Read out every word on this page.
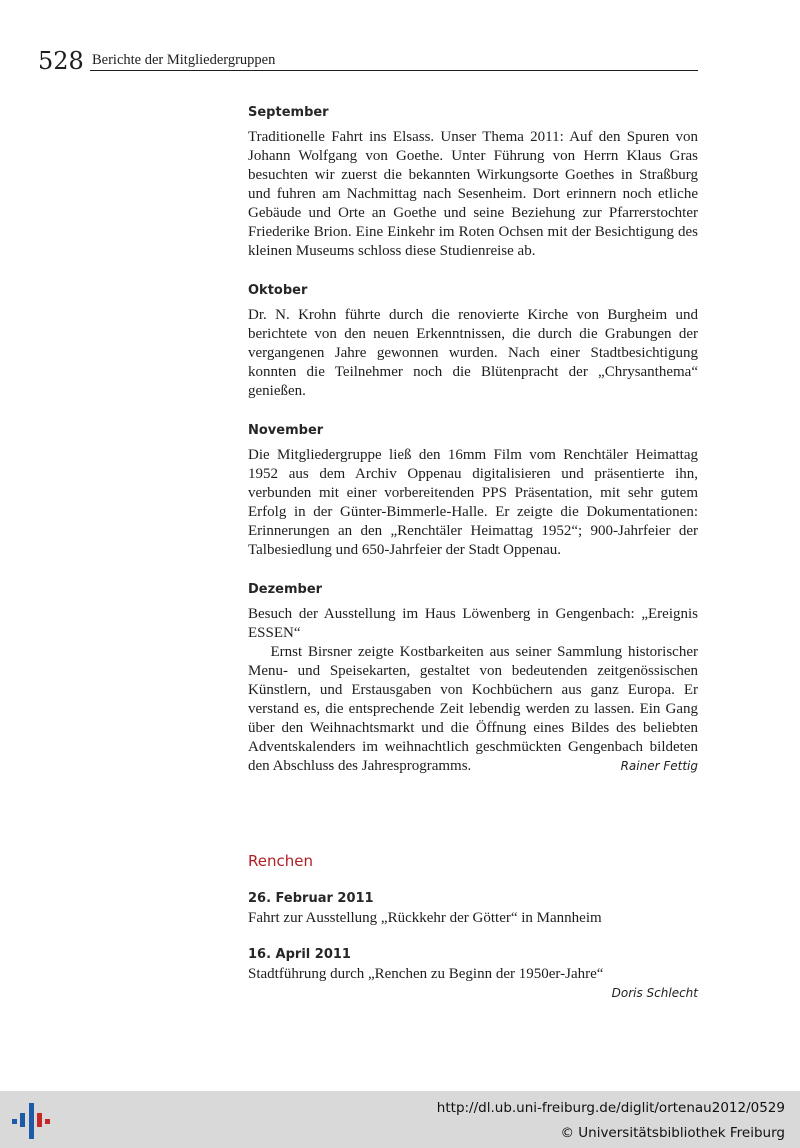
528 Berichte der Mitgliedergruppen
September
Traditionelle Fahrt ins Elsass. Unser Thema 2011: Auf den Spuren von Johann Wolfgang von Goethe. Unter Führung von Herrn Klaus Gras besuchten wir zuerst die bekannten Wirkungsorte Goethes in Straßburg und fuhren am Nachmittag nach Sesenheim. Dort erinnern noch etliche Gebäude und Orte an Goethe und seine Beziehung zur Pfarrerstochter Friederike Brion. Eine Einkehr im Roten Ochsen mit der Besichtigung des kleinen Museums schloss diese Studienreise ab.
Oktober
Dr. N. Krohn führte durch die renovierte Kirche von Burgheim und berichtete von den neuen Erkenntnissen, die durch die Grabungen der vergangenen Jahre gewonnen wurden. Nach einer Stadtbesichtigung konnten die Teilnehmer noch die Blütenpracht der „Chrysanthema“ genießen.
November
Die Mitgliedergruppe ließ den 16mm Film vom Renchtäler Heimattag 1952 aus dem Archiv Oppenau digitalisieren und präsentierte ihn, verbunden mit einer vorbereitenden PPS Präsentation, mit sehr gutem Erfolg in der Günter-Bimmerle-Halle. Er zeigte die Dokumentationen: Erinnerungen an den „Renchtäler Heimattag 1952“; 900-Jahrfeier der Talbesiedlung und 650-Jahrfeier der Stadt Oppenau.
Dezember
Besuch der Ausstellung im Haus Löwenberg in Gengenbach: „Ereignis ESSEN“
Ernst Birsner zeigte Kostbarkeiten aus seiner Sammlung historischer Menu- und Speisekarten, gestaltet von bedeutenden zeitgenössischen Künstlern, und Erstausgaben von Kochbüchern aus ganz Europa. Er verstand es, die entsprechende Zeit lebendig werden zu lassen. Ein Gang über den Weihnachtsmarkt und die Öffnung eines Bildes des beliebten Adventskalenders im weihnachtlich geschmückten Gengenbach bildeten den Abschluss des Jahresprogramms.	Rainer Fettig
Renchen
26. Februar 2011
Fahrt zur Ausstellung „Rückkehr der Götter“ in Mannheim
16. April 2011
Stadtführung durch „Renchen zu Beginn der 1950er-Jahre“
Doris Schlecht
http://dl.ub.uni-freiburg.de/diglit/ortenau2012/0529
© Universitätsbibliothek Freiburg
